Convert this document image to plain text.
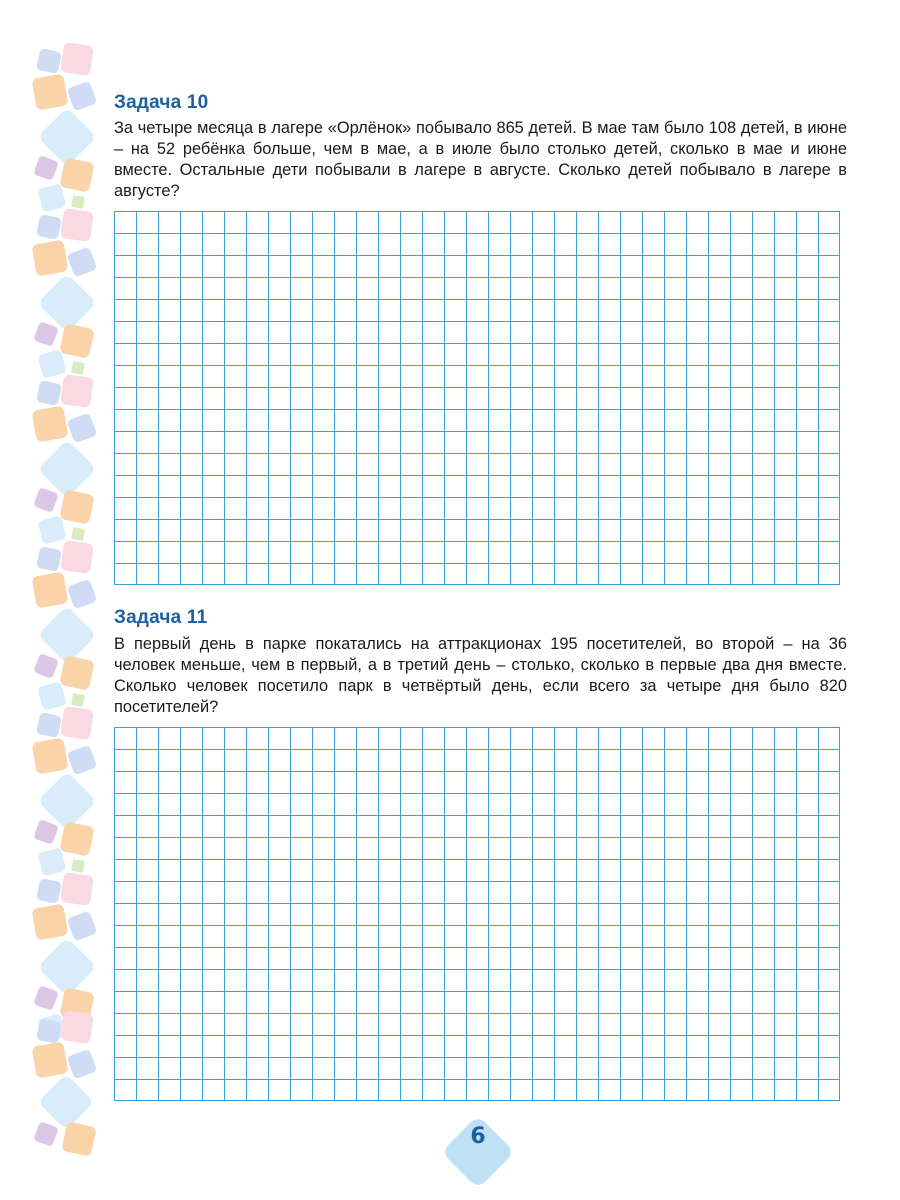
Задача 10

За четыре месяца в лагере «Орлёнок» побывало 865 детей. В мае там было 108 детей, в июне – на 52 ребёнка больше, чем в мае, а в июле было столько детей, сколько в мае и июне вместе. Остальные дети побывали в лагере в августе. Сколько детей побывало в лагере в августе?

Задача 11

В первый день в парке покатались на аттракционах 195 посетителей, во второй – на 36 человек меньше, чем в первый, а в третий день – столько, сколько в первые два дня вместе. Сколько человек посетило парк в четвёртый день, если всего за четыре дня было 820 посетителей?

6
